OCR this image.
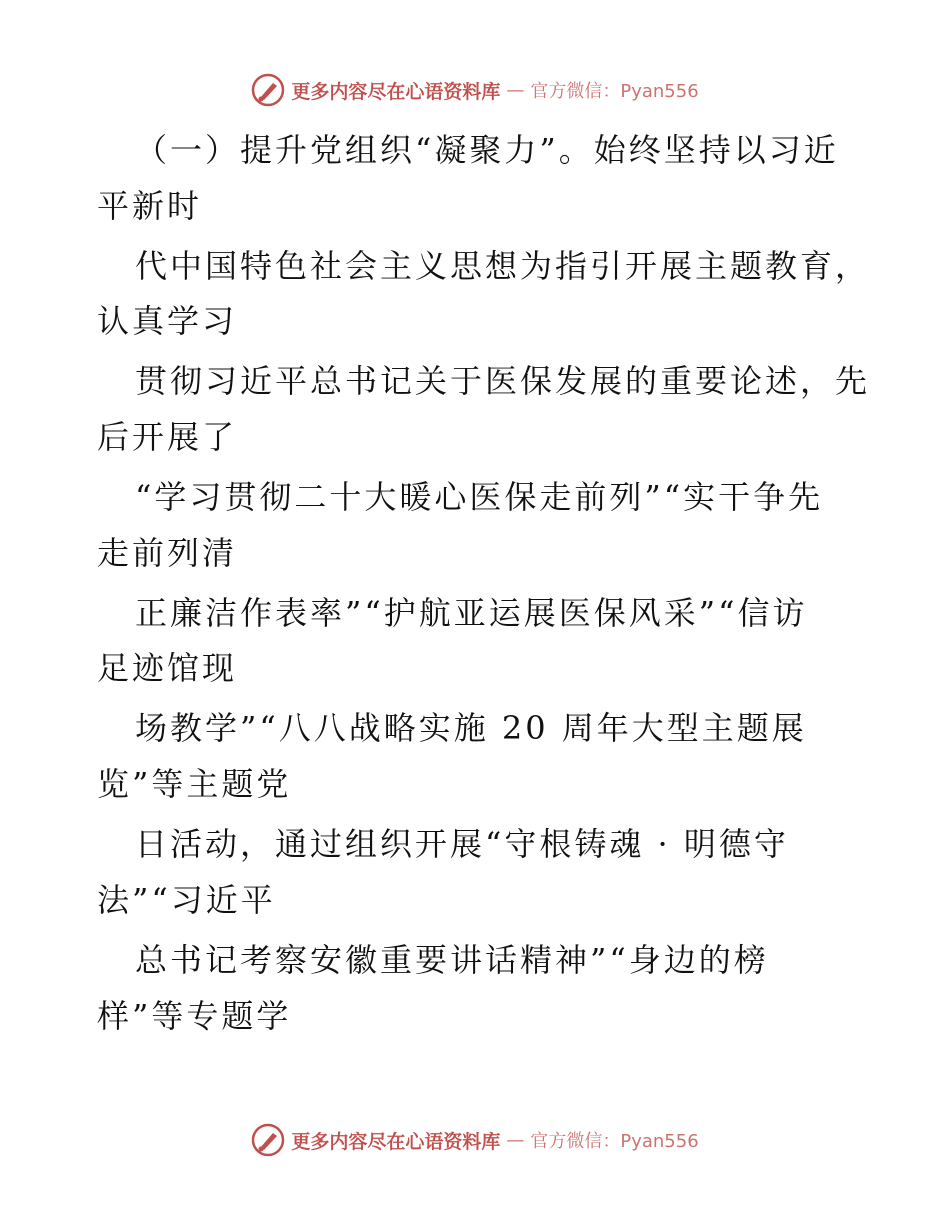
更多内容尽在心语资料库 — 官方微信：Pyan556
（一）提升党组织“凝聚力”。始终坚持以习近
平新时
代中国特色社会主义思想为指引开展主题教育，
认真学习
贯彻习近平总书记关于医保发展的重要论述，先
后开展了
“学习贯彻二十大暖心医保走前列”“实干争先
走前列清
正廉洁作表率”“护航亚运展医保风采”“信访
足迹馆现
场教学”“八八战略实施 20 周年大型主题展
览”等主题党
日活动，通过组织开展“守根铸魂 · 明德守
法”“习近平
总书记考察安徽重要讲话精神”“身边的榜
样”等专题学
更多内容尽在心语资料库 — 官方微信：Pyan556
